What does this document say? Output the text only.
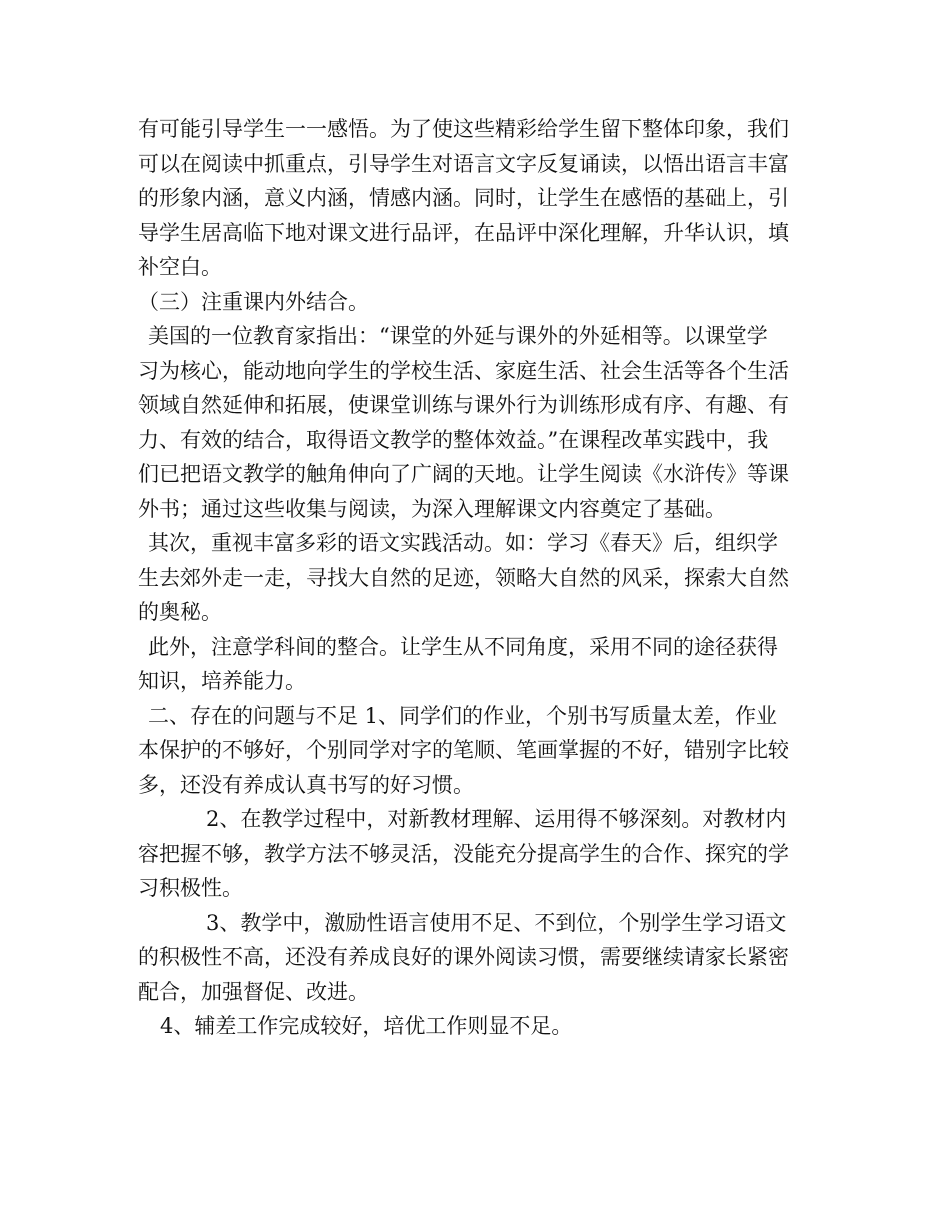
有可能引导学生一一感悟。为了使这些精彩给学生留下整体印象，我们
可以在阅读中抓重点，引导学生对语言文字反复诵读，以悟出语言丰富
的形象内涵，意义内涵，情感内涵。同时，让学生在感悟的基础上，引
导学生居高临下地对课文进行品评，在品评中深化理解，升华认识，填
补空白。
（三）注重课内外结合。
美国的一位教育家指出：“课堂的外延与课外的外延相等。以课堂学
习为核心，能动地向学生的学校生活、家庭生活、社会生活等各个生活
领域自然延伸和拓展，使课堂训练与课外行为训练形成有序、有趣、有
力、有效的结合，取得语文教学的整体效益。”在课程改革实践中，我
们已把语文教学的触角伸向了广阔的天地。让学生阅读《水浒传》等课
外书；通过这些收集与阅读，为深入理解课文内容奠定了基础。
其次，重视丰富多彩的语文实践活动。如：学习《春天》后，组织学
生去郊外走一走，寻找大自然的足迹，领略大自然的风采，探索大自然
的奥秘。
此外，注意学科间的整合。让学生从不同角度，采用不同的途径获得
知识，培养能力。
二、存在的问题与不足 1、同学们的作业，个别书写质量太差，作业
本保护的不够好，个别同学对字的笔顺、笔画掌握的不好，错别字比较
多，还没有养成认真书写的好习惯。
2、在教学过程中，对新教材理解、运用得不够深刻。对教材内
容把握不够，教学方法不够灵活，没能充分提高学生的合作、探究的学
习积极性。
3、教学中，激励性语言使用不足、不到位，个别学生学习语文
的积极性不高，还没有养成良好的课外阅读习惯，需要继续请家长紧密
配合，加强督促、改进。
4、辅差工作完成较好，培优工作则显不足。
